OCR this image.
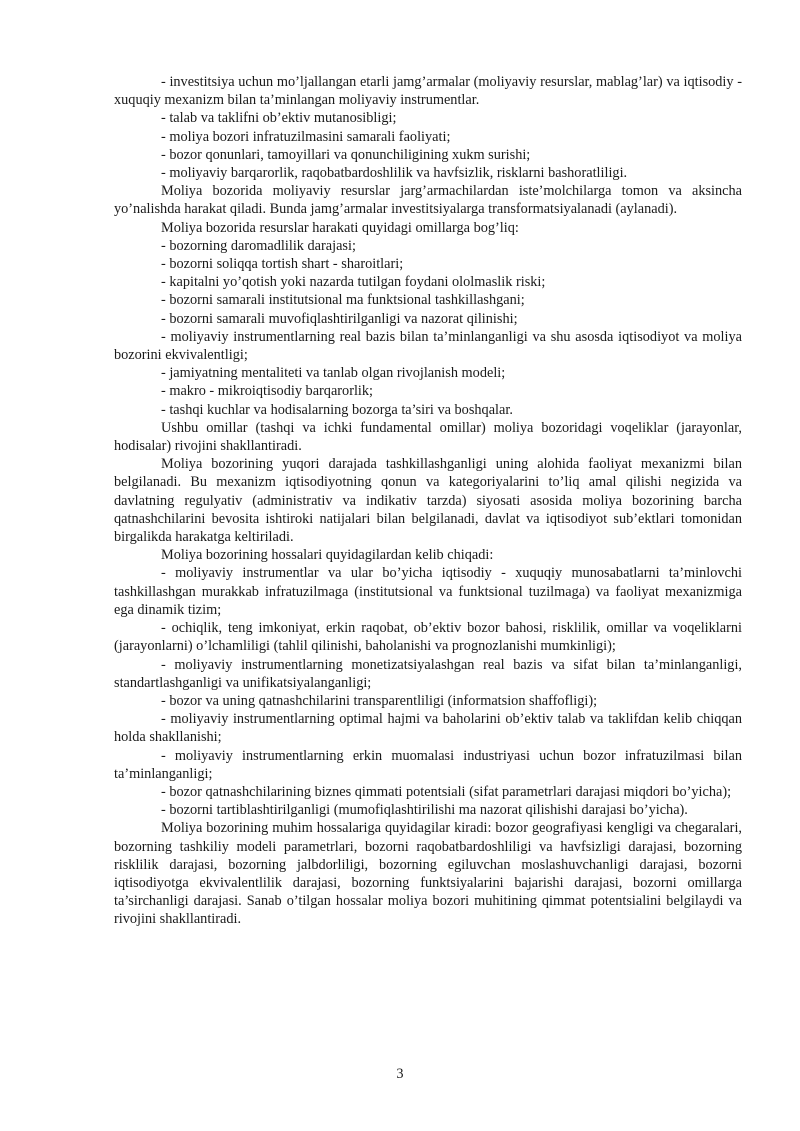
- investitsiya uchun mo’ljallangan etarli jamg’armalar (moliyaviy resurslar, mablag’lar) va iqtisodiy - xuquqiy mexanizm bilan ta’minlangan moliyaviy instrumentlar.

- talab va taklifni ob’ektiv mutanosibligi;

- moliya bozori infratuzilmasini samarali faoliyati;

- bozor qonunlari, tamoyillari va qonunchiligining xukm surishi;

- moliyaviy barqarorlik, raqobatbardoshlilik va havfsizlik, risklarni bashoratliligi.

Moliya bozorida moliyaviy resurslar jarg’armachilardan iste’molchilarga tomon va aksincha yo’nalishda harakat qiladi. Bunda jamg’armalar investitsiyalarga transformatsiyalanadi (aylanadi).

Moliya bozorida resurslar harakati quyidagi omillarga bog’liq:

- bozorning daromadlilik darajasi;

- bozorni soliqqa tortish shart - sharoitlari;

- kapitalni yo’qotish yoki nazarda tutilgan foydani ololmaslik riski;

- bozorni samarali institutsional ma funktsional tashkillashgani;

- bozorni samarali muvofiqlashtirilganligi va nazorat qilinishi;

- moliyaviy instrumentlarning real bazis bilan ta’minlanganligi va shu asosda iqtisodiyot va moliya bozorini ekvivalentligi;

- jamiyatning mentaliteti va tanlab olgan rivojlanish modeli;

- makro - mikroiqtisodiy barqarorlik;

- tashqi kuchlar va hodisalarning bozorga ta’siri va boshqalar.

Ushbu omillar (tashqi va ichki fundamental omillar) moliya bozoridagi voqeliklar (jarayonlar, hodisalar) rivojini shakllantiradi.

Moliya bozorining yuqori darajada tashkillashganligi uning alohida faoliyat mexanizmi bilan belgilanadi. Bu mexanizm iqtisodiyotning qonun va kategoriyalarini to’liq amal qilishi negizida va davlatning regulyativ (administrativ va indikativ tarzda) siyosati asosida moliya bozorining barcha qatnashchilarini bevosita ishtiroki natijalari bilan belgilanadi, davlat va iqtisodiyot sub’ektlari tomonidan birgalikda harakatga keltiriladi.

Moliya bozorining hossalari quyidagilardan kelib chiqadi:

- moliyaviy instrumentlar va ular bo’yicha iqtisodiy - xuquqiy munosabatlarni ta’minlovchi tashkillashgan murakkab infratuzilmaga (institutsional va funktsional tuzilmaga) va faoliyat mexanizmiga ega dinamik tizim;

- ochiqlik, teng imkoniyat, erkin raqobat, ob’ektiv bozor bahosi, risklilik, omillar va voqeliklarni (jarayonlarni) o’lchamliligi (tahlil qilinishi, baholanishi va prognozlanishi mumkinligi);

- moliyaviy instrumentlarning monetizatsiyalashgan real bazis va sifat bilan ta’minlanganligi, standartlashganligi va unifikatsiyalanganligi;

- bozor va uning qatnashchilarini transparentliligi (informatsion shaffofligi);

- moliyaviy instrumentlarning optimal hajmi va baholarini ob’ektiv talab va taklifdan kelib chiqqan holda shakllanishi;

- moliyaviy instrumentlarning erkin muomalasi industriyasi uchun bozor infratuzilmasi bilan ta’minlanganligi;

- bozor qatnashchilarining biznes qimmati potentsiali (sifat parametrlari darajasi miqdori bo’yicha);

- bozorni tartiblashtirilganligi (mumofiqlashtirilishi ma nazorat qilishishi darajasi bo’yicha).

Moliya bozorining muhim hossalariga quyidagilar kiradi: bozor geografiyasi kengligi va chegaralari, bozorning tashkiliy modeli parametrlari, bozorni raqobatbardoshliligi va havfsizligi darajasi, bozorning risklilik darajasi, bozorning jalbdorliligi, bozorning egiluvchan moslashuvchanligi darajasi, bozorni iqtisodiyotga ekvivalentlilik darajasi, bozorning funktsiyalarini bajarishi darajasi, bozorni omillarga ta’sirchanligi darajasi. Sanab o’tilgan hossalar moliya bozori muhitining qimmat potentsialini belgilaydi va rivojini shakllantiradi.

3
